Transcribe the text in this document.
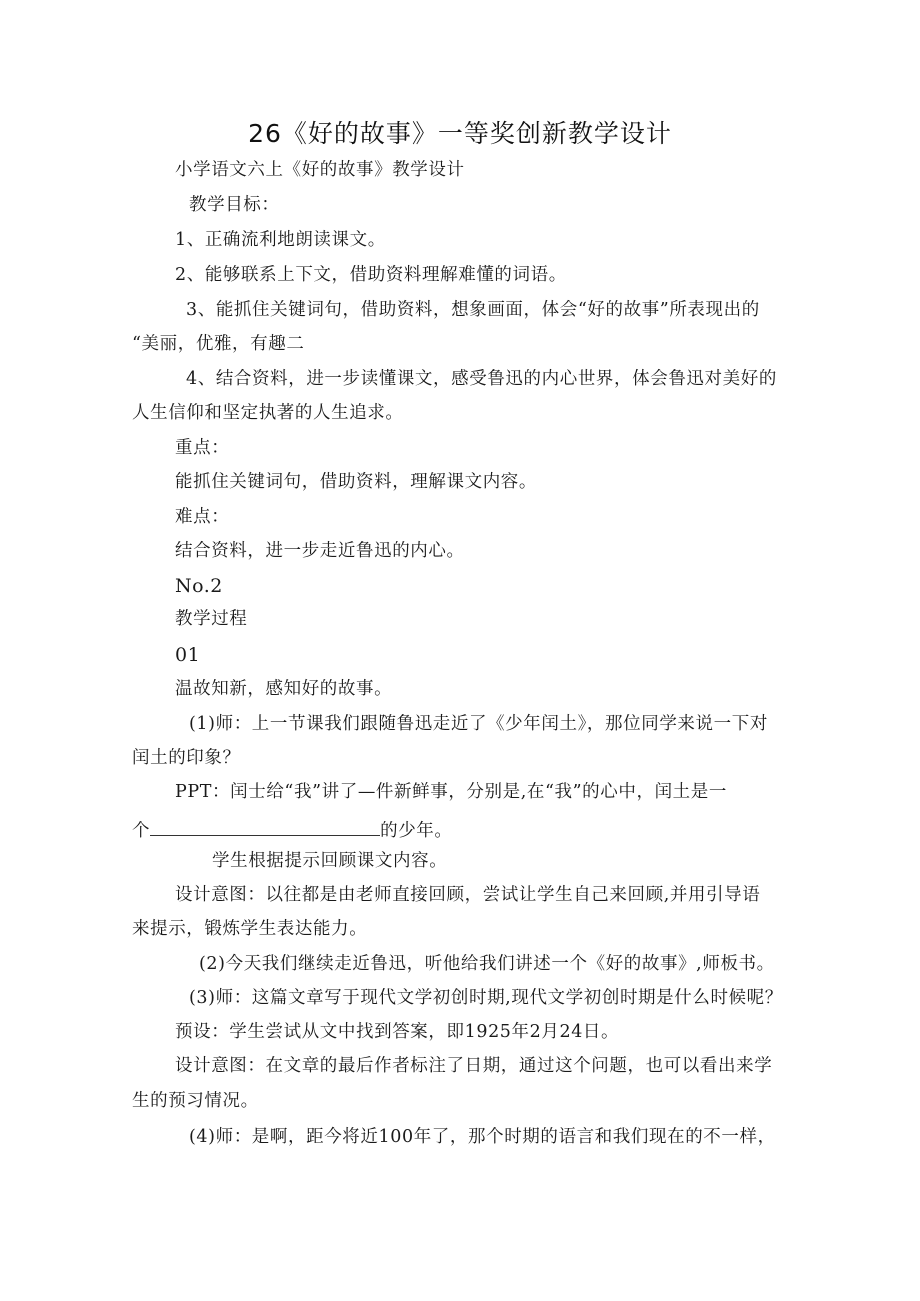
26《好的故事》一等奖创新教学设计
小学语文六上《好的故事》教学设计
教学目标：
1、正确流利地朗读课文。
2、能够联系上下文，借助资料理解难懂的词语。
3、能抓住关键词句，借助资料，想象画面，体会“好的故事”所表现出的
“美丽，优雅，有趣二
4、结合资料，进一步读懂课文，感受鲁迅的内心世界，体会鲁迅对美好的
人生信仰和坚定执著的人生追求。
重点：
能抓住关键词句，借助资料，理解课文内容。
难点：
结合资料，进一步走近鲁迅的内心。
No.2
教学过程
01
温故知新，感知好的故事。
(1)师：上一节课我们跟随鲁迅走近了《少年闰土》，那位同学来说一下对
闰土的印象？
PPT：闰士给“我”讲了—件新鲜事，分别是,在“我”的心中，闰土是一
个	的少年。
学生根据提示回顾课文内容。
设计意图：以往都是由老师直接回顾，尝试让学生自己来回顾,并用引导语
来提示，锻炼学生表达能力。
(2)今天我们继续走近鲁迅，听他给我们讲述一个《好的故事》,师板书。
(3)师：这篇文章写于现代文学初创时期,现代文学初创时期是什么时候呢？
预设：学生尝试从文中找到答案，即1925年2月24日。
设计意图：在文章的最后作者标注了日期，通过这个问题，也可以看出来学
生的预习情况。
(4)师：是啊，距今将近100年了，那个时期的语言和我们现在的不一样，
